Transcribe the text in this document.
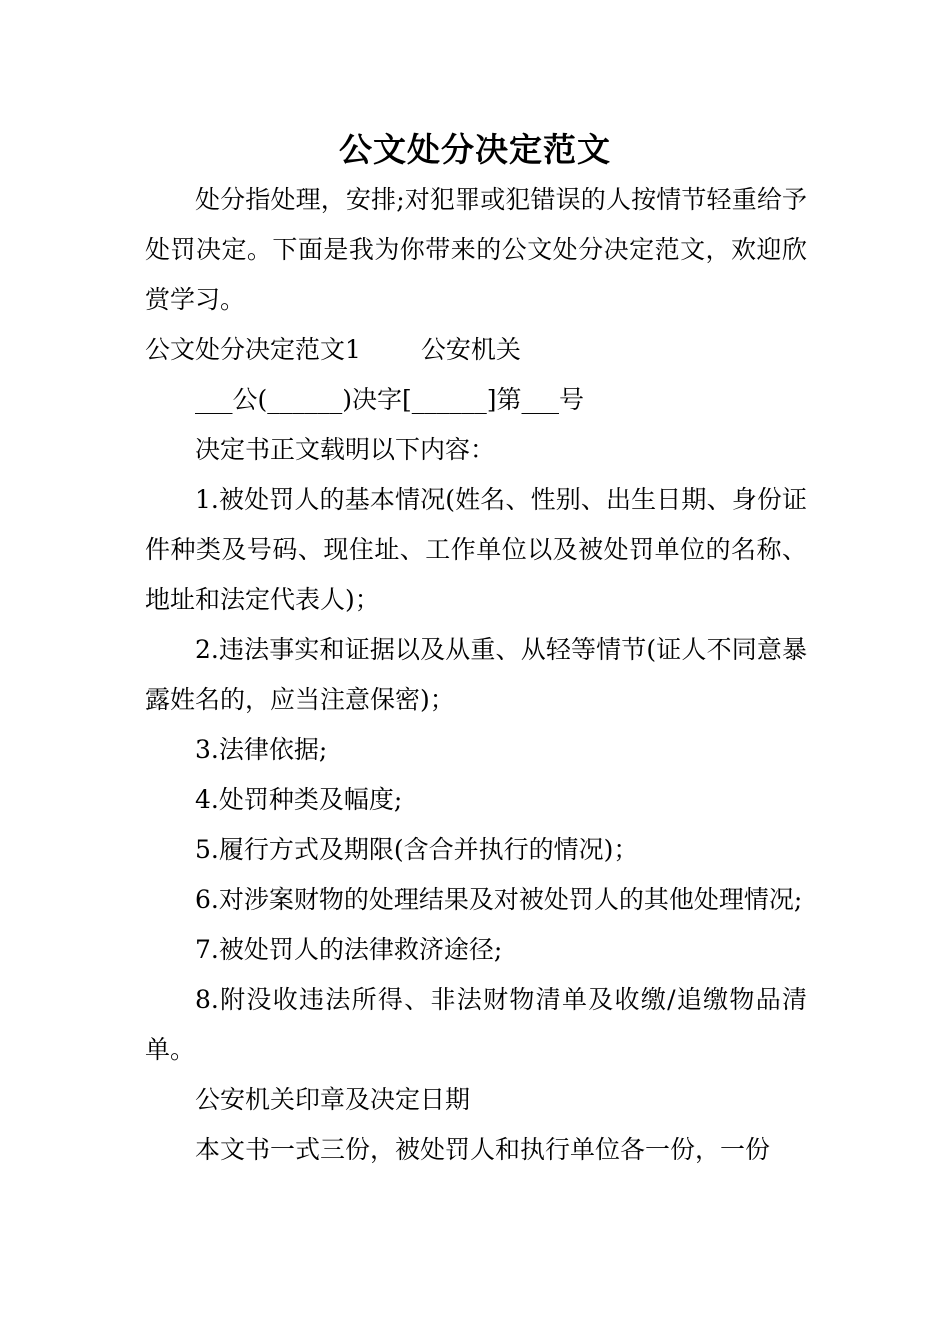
公文处分决定范文

处分指处理，安排;对犯罪或犯错误的人按情节轻重给予处罚决定。下面是我为你带来的公文处分决定范文，欢迎欣赏学习。

公文处分决定范文1 公安机关

___公(______)决字[______]第___号

决定书正文载明以下内容：

1.被处罚人的基本情况(姓名、性别、出生日期、身份证件种类及号码、现住址、工作单位以及被处罚单位的名称、地址和法定代表人)；

2.违法事实和证据以及从重、从轻等情节(证人不同意暴露姓名的，应当注意保密)；

3.法律依据;

4.处罚种类及幅度;

5.履行方式及期限(含合并执行的情况)；

6.对涉案财物的处理结果及对被处罚人的其他处理情况;

7.被处罚人的法律救济途径;

8.附没收违法所得、非法财物清单及收缴/追缴物品清单。

公安机关印章及决定日期

本文书一式三份，被处罚人和执行单位各一份，一份
